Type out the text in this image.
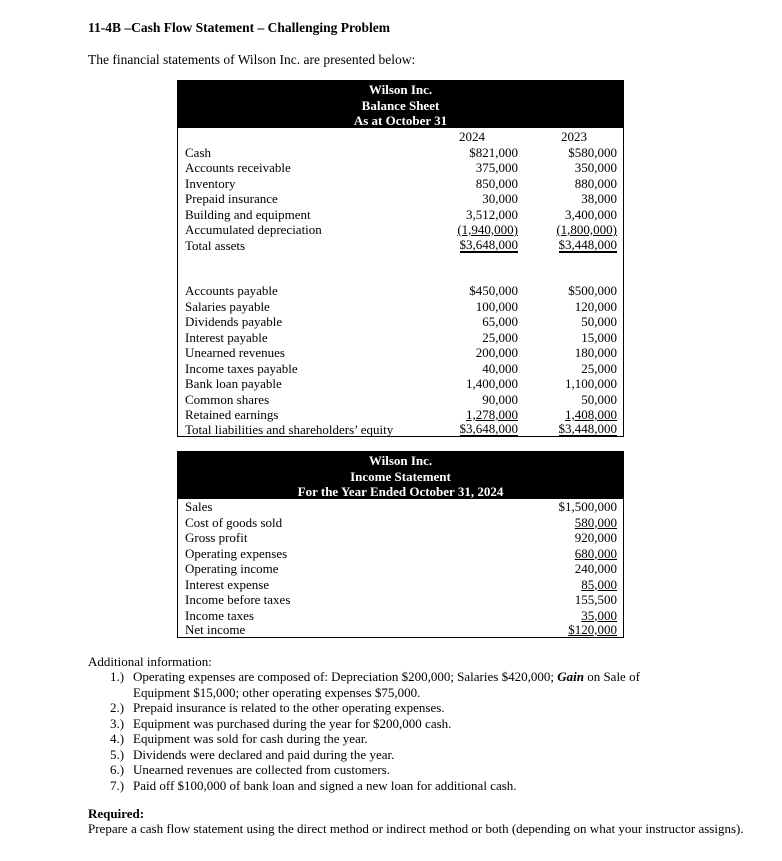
11-4B –Cash Flow Statement – Challenging Problem
The financial statements of Wilson Inc. are presented below:
Wilson Inc.
Balance Sheet
As at October 31
2024	2023
Cash	$821,000	$580,000
Accounts receivable	375,000	350,000
Inventory	850,000	880,000
Prepaid insurance	30,000	38,000
Building and equipment	3,512,000	3,400,000
Accumulated depreciation	(1,940,000)	(1,800,000)
Total assets	$3,648,000	$3,448,000
Accounts payable	$450,000	$500,000
Salaries payable	100,000	120,000
Dividends payable	65,000	50,000
Interest payable	25,000	15,000
Unearned revenues	200,000	180,000
Income taxes payable	40,000	25,000
Bank loan payable	1,400,000	1,100,000
Common shares	90,000	50,000
Retained earnings	1,278,000	1,408,000
Total liabilities and shareholders’ equity	$3,648,000	$3,448,000
Wilson Inc.
Income Statement
For the Year Ended October 31, 2024
Sales	$1,500,000
Cost of goods sold	580,000
Gross profit	920,000
Operating expenses	680,000
Operating income	240,000
Interest expense	85,000
Income before taxes	155,500
Income taxes	35,000
Net income	$120,000
Additional information:
1.) Operating expenses are composed of: Depreciation $200,000; Salaries $420,000; Gain on Sale of
Equipment $15,000; other operating expenses $75,000.
2.) Prepaid insurance is related to the other operating expenses.
3.) Equipment was purchased during the year for $200,000 cash.
4.) Equipment was sold for cash during the year.
5.) Dividends were declared and paid during the year.
6.) Unearned revenues are collected from customers.
7.) Paid off $100,000 of bank loan and signed a new loan for additional cash.
Required:
Prepare a cash flow statement using the direct method or indirect method or both (depending on what your instructor assigns).
